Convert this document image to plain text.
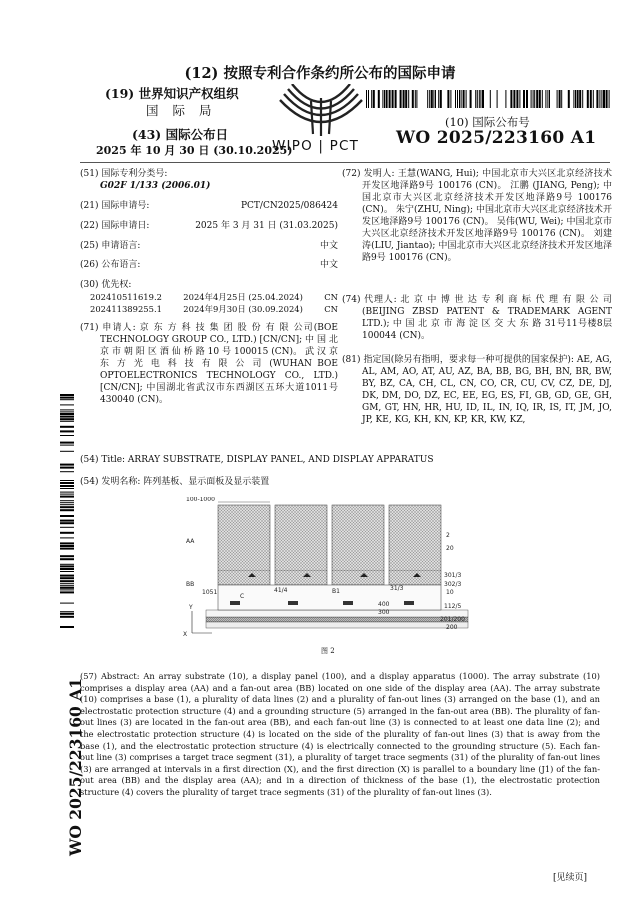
(12) 按照专利合作条约所公布的国际申请
(19) 世界知识产权组织
国 际 局
(43) 国际公布日
2025 年 10 月 30 日 (30.10.2025)
WIPO | PCT
(10) 国际公布号
WO 2025/223160 A1
WO 2025/223160 A1
(51) 国际专利分类号:
G02F 1/133 (2006.01)
(21) 国际申请号:	PCT/CN2025/086424
(22) 国际申请日:	2025 年 3 月 31 日 (31.03.2025)
(25) 申请语言:	中文
(26) 公布语言:	中文
(30) 优先权:
202410511619.2	2024年4月25日 (25.04.2024)	CN
202411389255.1	2024年9月30日 (30.09.2024)	CN
(71) 申请人: 京 东 方 科 技 集 团 股 份 有 限 公司(BOE TECHNOLOGY GROUP CO., LTD.) [CN/CN]; 中 国 北 京 市 朝 阳 区 酒 仙 桥 路 10 号 100015 (CN)。 武 汉 京 东 方 光 电 科 技 有 限 公 司 (WUHAN BOE OPTOELECTRONICS TECHNOLOGY CO., LTD.) [CN/CN]; 中国湖北省武汉市东西湖区五环大道1011号 430040 (CN)。
(72) 发明人: 王慧(WANG, Hui); 中国北京市大兴区北京经济技术开发区地泽路9号 100176 (CN)。 江鹏 (JIANG, Peng); 中国北京市大兴区北京经济技术开发区地泽路9号 100176 (CN)。 朱宁(ZHU, Ning); 中国北京市大兴区北京经济技术开发区地泽路9号 100176 (CN)。 吴伟(WU, Wei); 中国北京市大兴区北京经济技术开发区地泽路9号 100176 (CN)。 刘建涛(LIU, Jiantao); 中国北京市大兴区北京经济技术开发区地泽路9号 100176 (CN)。
(74) 代理人: 北 京 中 博 世 达 专 利 商 标 代 理 有 限 公 司 (BEIJING ZBSD PATENT & TRADEMARK AGENT LTD.); 中 国 北 京 市 海 淀 区 交 大 东 路 31号11号楼8层 100044 (CN)。
(81) 指定国(除另有指明，要求每一种可提供的国家保护): AE, AG, AL, AM, AO, AT, AU, AZ, BA, BB, BG, BH, BN, BR, BW, BY, BZ, CA, CH, CL, CN, CO, CR, CU, CV, CZ, DE, DJ, DK, DM, DO, DZ, EC, EE, EG, ES, FI, GB, GD, GE, GH, GM, GT, HN, HR, HU, ID, IL, IN, IQ, IR, IS, IT, JM, JO, JP, KE, KG, KH, KN, KP, KR, KW, KZ,
(54) Title: ARRAY SUBSTRATE, DISPLAY PANEL, AND DISPLAY APPARATUS
(54) 发明名称: 阵列基板、显示面板及显示装置
100-1000
AA
BB
1051
C
41/4	B1	31/3
2
20
301/3
302/3
10
112/5
400
300
201/200
200
Y
X
图 2
(57) Abstract: An array substrate (10), a display panel (100), and a display apparatus (1000). The array substrate (10) comprises a display area (AA) and a fan-out area (BB) located on one side of the display area (AA). The array substrate (10) comprises a base (1), a plurality of data lines (2) and a plurality of fan-out lines (3) arranged on the base (1), and an electrostatic protection structure (4) and a grounding structure (5) arranged in the fan-out area (BB). The plurality of fan-out lines (3) are located in the fan-out area (BB), and each fan-out line (3) is connected to at least one data line (2); and the electrostatic protection structure (4) is located on the side of the plurality of fan-out lines (3) that is away from the base (1), and the electrostatic protection structure (4) is electrically connected to the grounding structure (5). Each fan-out line (3) comprises a target trace segment (31), a plurality of target trace segments (31) of the plurality of fan-out lines (3) are arranged at intervals in a first direction (X), and the first direction (X) is parallel to a boundary line (J1) of the fan-out area (BB) and the display area (AA); and in a direction of thickness of the base (1), the electrostatic protection structure (4) covers the plurality of target trace segments (31) of the plurality of fan-out lines (3).
[见续页]
